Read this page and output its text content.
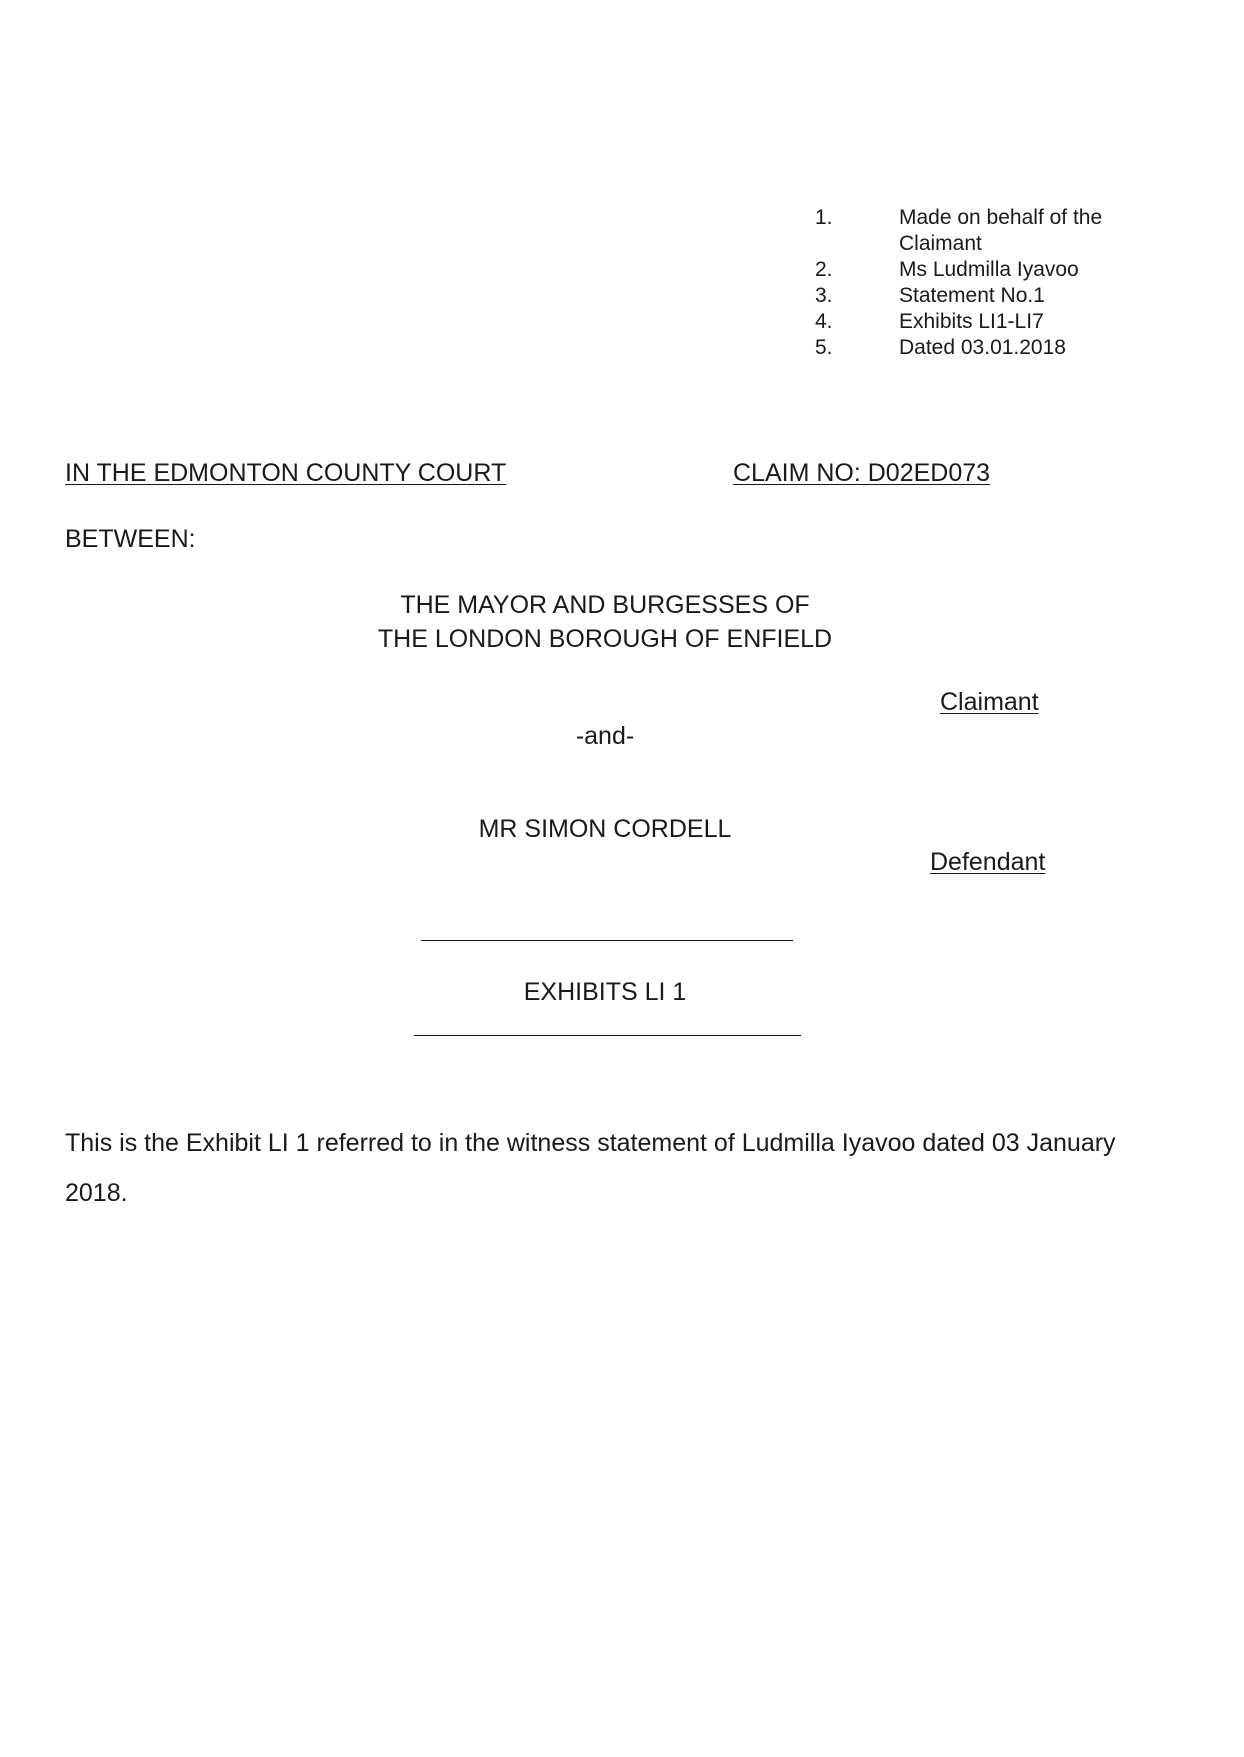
1.	Made on behalf of the Claimant
2.	Ms Ludmilla Iyavoo
3.	Statement No.1
4.	Exhibits LI1-LI7
5.	Dated 03.01.2018
IN THE EDMONTON COUNTY COURT	CLAIM NO: D02ED073
BETWEEN:
THE MAYOR AND BURGESSES OF
THE LONDON BOROUGH OF ENFIELD
Claimant
-and-
MR SIMON CORDELL
Defendant
EXHIBITS LI 1
This is the Exhibit LI 1 referred to in the witness statement of Ludmilla Iyavoo dated 03 January 2018.
